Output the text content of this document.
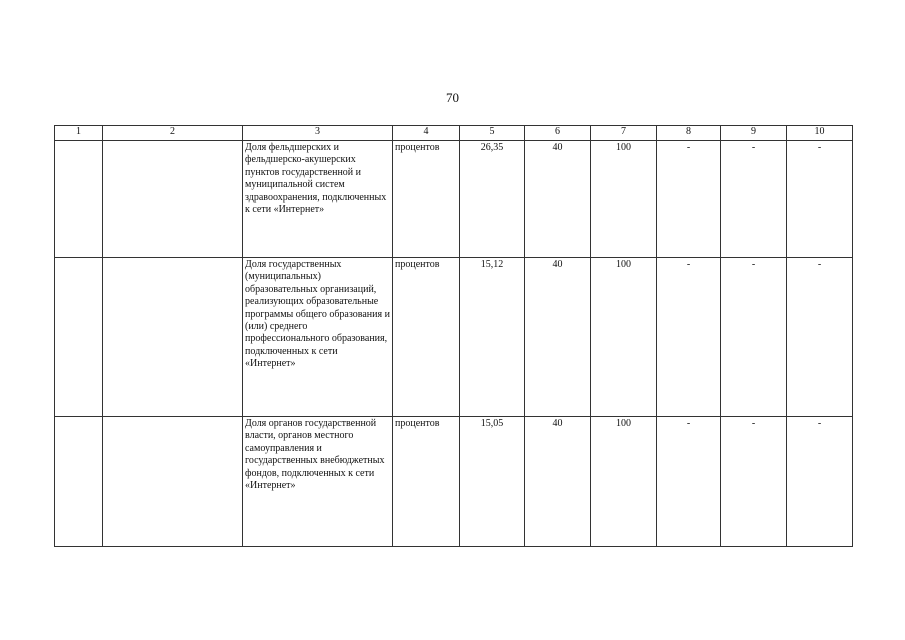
70
1	2	3	4	5	6	7	8	9	10
		Доля фельдшерских и фельдшерско-акушерских пунктов государственной и муниципальной систем здравоохранения, подключенных к сети «Интернет»	процентов	26,35	40	100	-	-	-
		Доля государственных (муниципальных) образовательных организаций, реализующих образовательные программы общего образования и (или) среднего профессионального образования, подключенных к сети «Интернет»	процентов	15,12	40	100	-	-	-
		Доля органов государственной власти, органов местного самоуправления и государственных внебюджетных фондов, подключенных к сети «Интернет»	процентов	15,05	40	100	-	-	-
